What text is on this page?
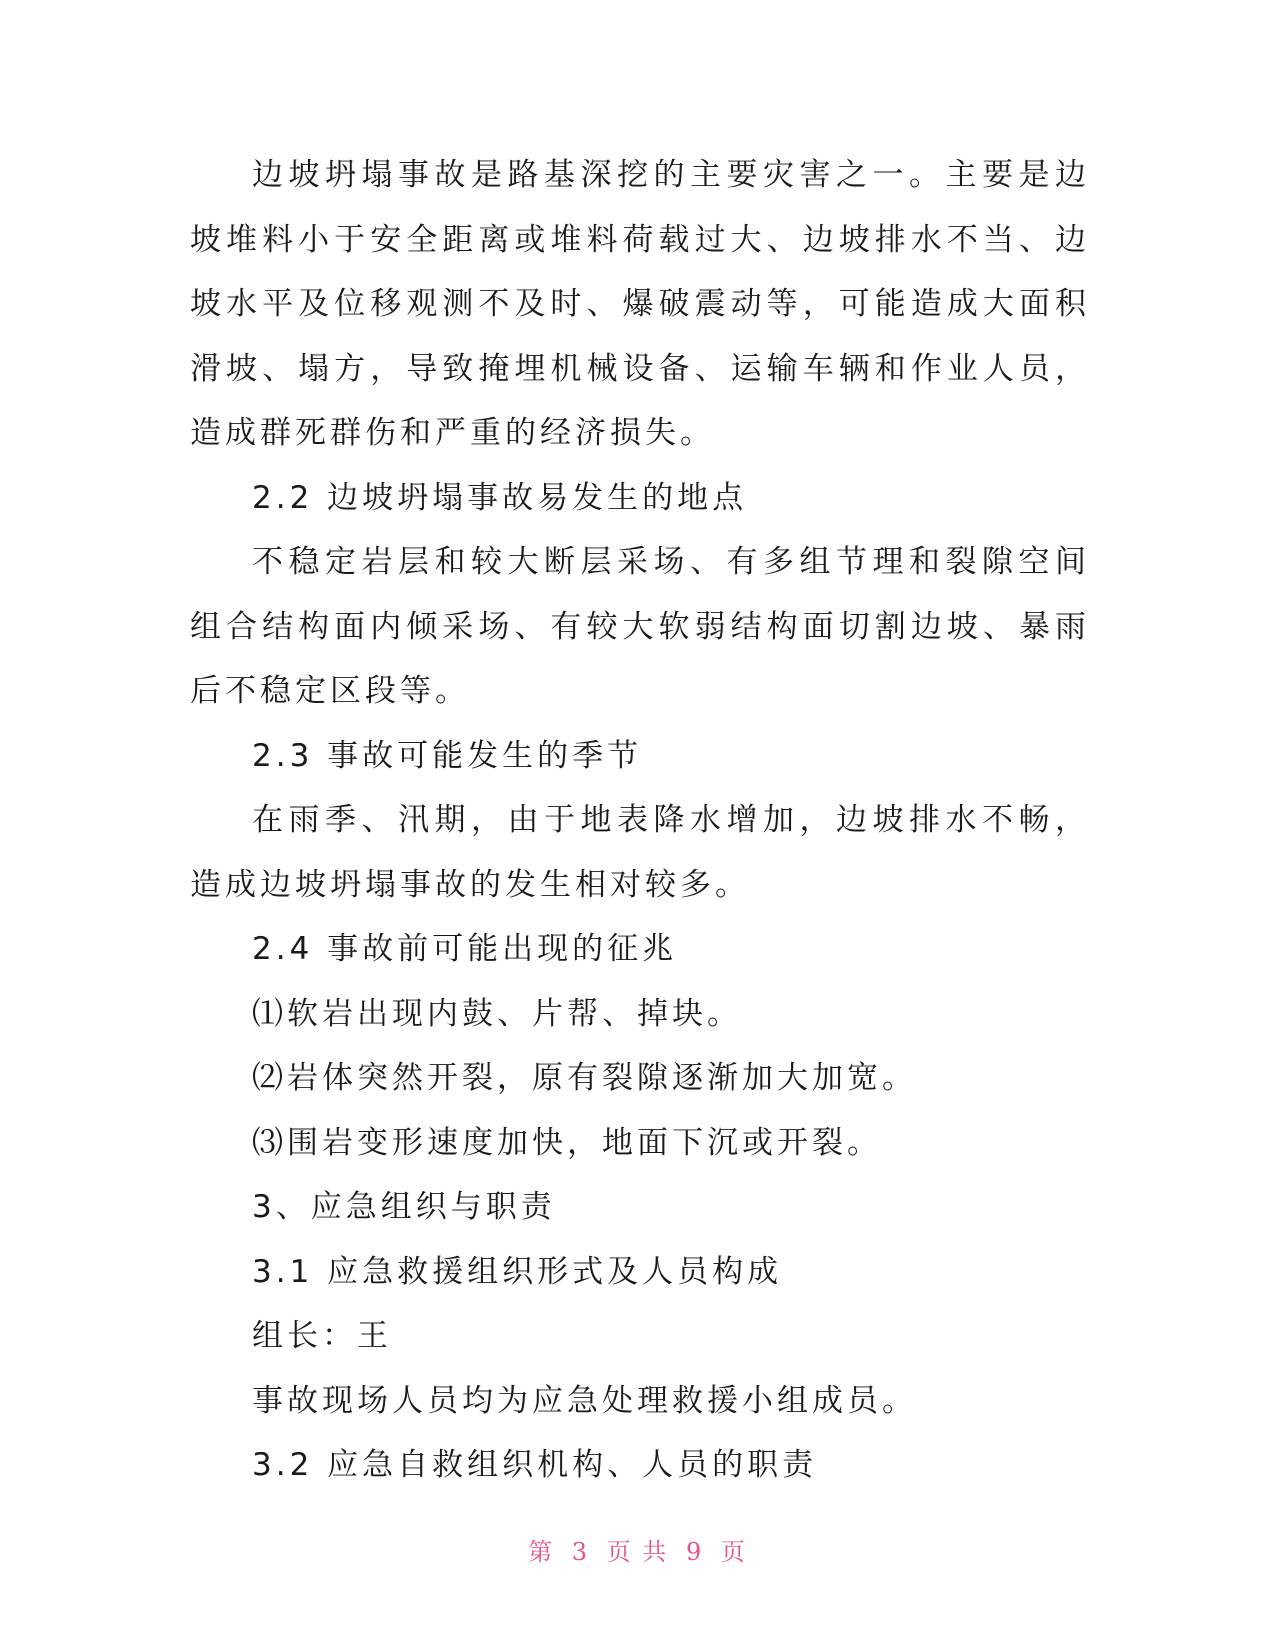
边坡坍塌事故是路基深挖的主要灾害之一。主要是边坡堆料小于安全距离或堆料荷载过大、边坡排水不当、边坡水平及位移观测不及时、爆破震动等，可能造成大面积滑坡、塌方，导致掩埋机械设备、运输车辆和作业人员，造成群死群伤和严重的经济损失。

2.2 边坡坍塌事故易发生的地点

不稳定岩层和较大断层采场、有多组节理和裂隙空间组合结构面内倾采场、有较大软弱结构面切割边坡、暴雨后不稳定区段等。

2.3 事故可能发生的季节

在雨季、汛期，由于地表降水增加，边坡排水不畅，造成边坡坍塌事故的发生相对较多。

2.4 事故前可能出现的征兆

⑴软岩出现内鼓、片帮、掉块。

⑵岩体突然开裂，原有裂隙逐渐加大加宽。

⑶围岩变形速度加快，地面下沉或开裂。

3、应急组织与职责

3.1 应急救援组织形式及人员构成

组长：王

事故现场人员均为应急处理救援小组成员。

3.2 应急自救组织机构、人员的职责

第 3 页 共 9 页
